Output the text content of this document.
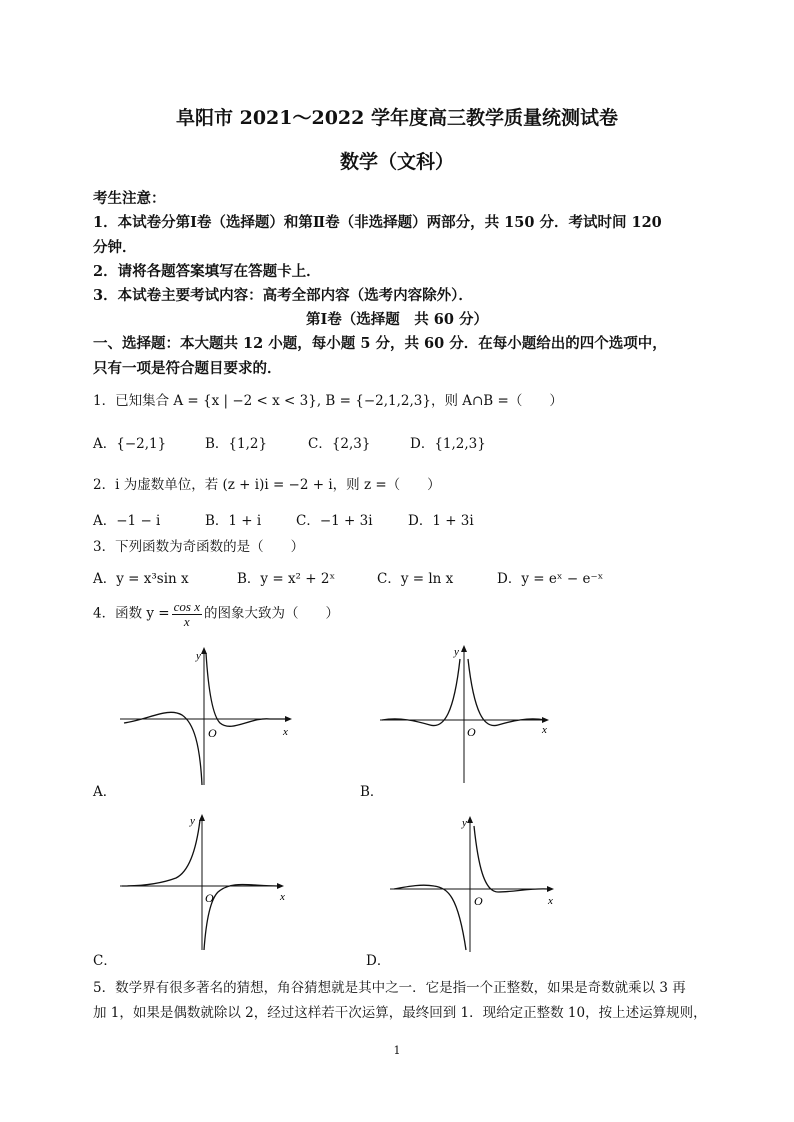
阜阳市 2021～2022 学年度高三教学质量统测试卷
数学（文科）
考生注意：
1．本试卷分第Ⅰ卷（选择题）和第Ⅱ卷（非选择题）两部分，共 150 分．考试时间 120
分钟．
2．请将各题答案填写在答题卡上．
3．本试卷主要考试内容：高考全部内容（选考内容除外）．
第Ⅰ卷（选择题　共 60 分）
一、选择题：本大题共 12 小题，每小题 5 分，共 60 分．在每小题给出的四个选项中，
只有一项是符合题目要求的．
1．已知集合 A = {x | −2 < x < 3}, B = {−2,1,2,3}，则 A∩B =（　　）
A．{−2,1}	B．{1,2}	C．{2,3}	D．{1,2,3}
2．i 为虚数单位，若 (z + i)i = −2 + i，则 z =（　　）
A．−1 − i	B．1 + i	C．−1 + 3i	D．1 + 3i
3．下列函数为奇函数的是（　　）
A．y = x³sin x	B．y = x² + 2ˣ	C．y = ln x	D．y = eˣ − e⁻ˣ
4．函数 $y = \frac{\text{cos x}}{x}$ 的图象大致为（　　）
y
x
O
A．
y
x
O
B．
y
x
O
C．
y
x
O
D．
5．数学界有很多著名的猜想，角谷猜想就是其中之一．它是指一个正整数，如果是奇数就乘以 3 再
加 1，如果是偶数就除以 2，经过这样若干次运算，最终回到 1．现给定正整数 10，按上述运算规则，
1
